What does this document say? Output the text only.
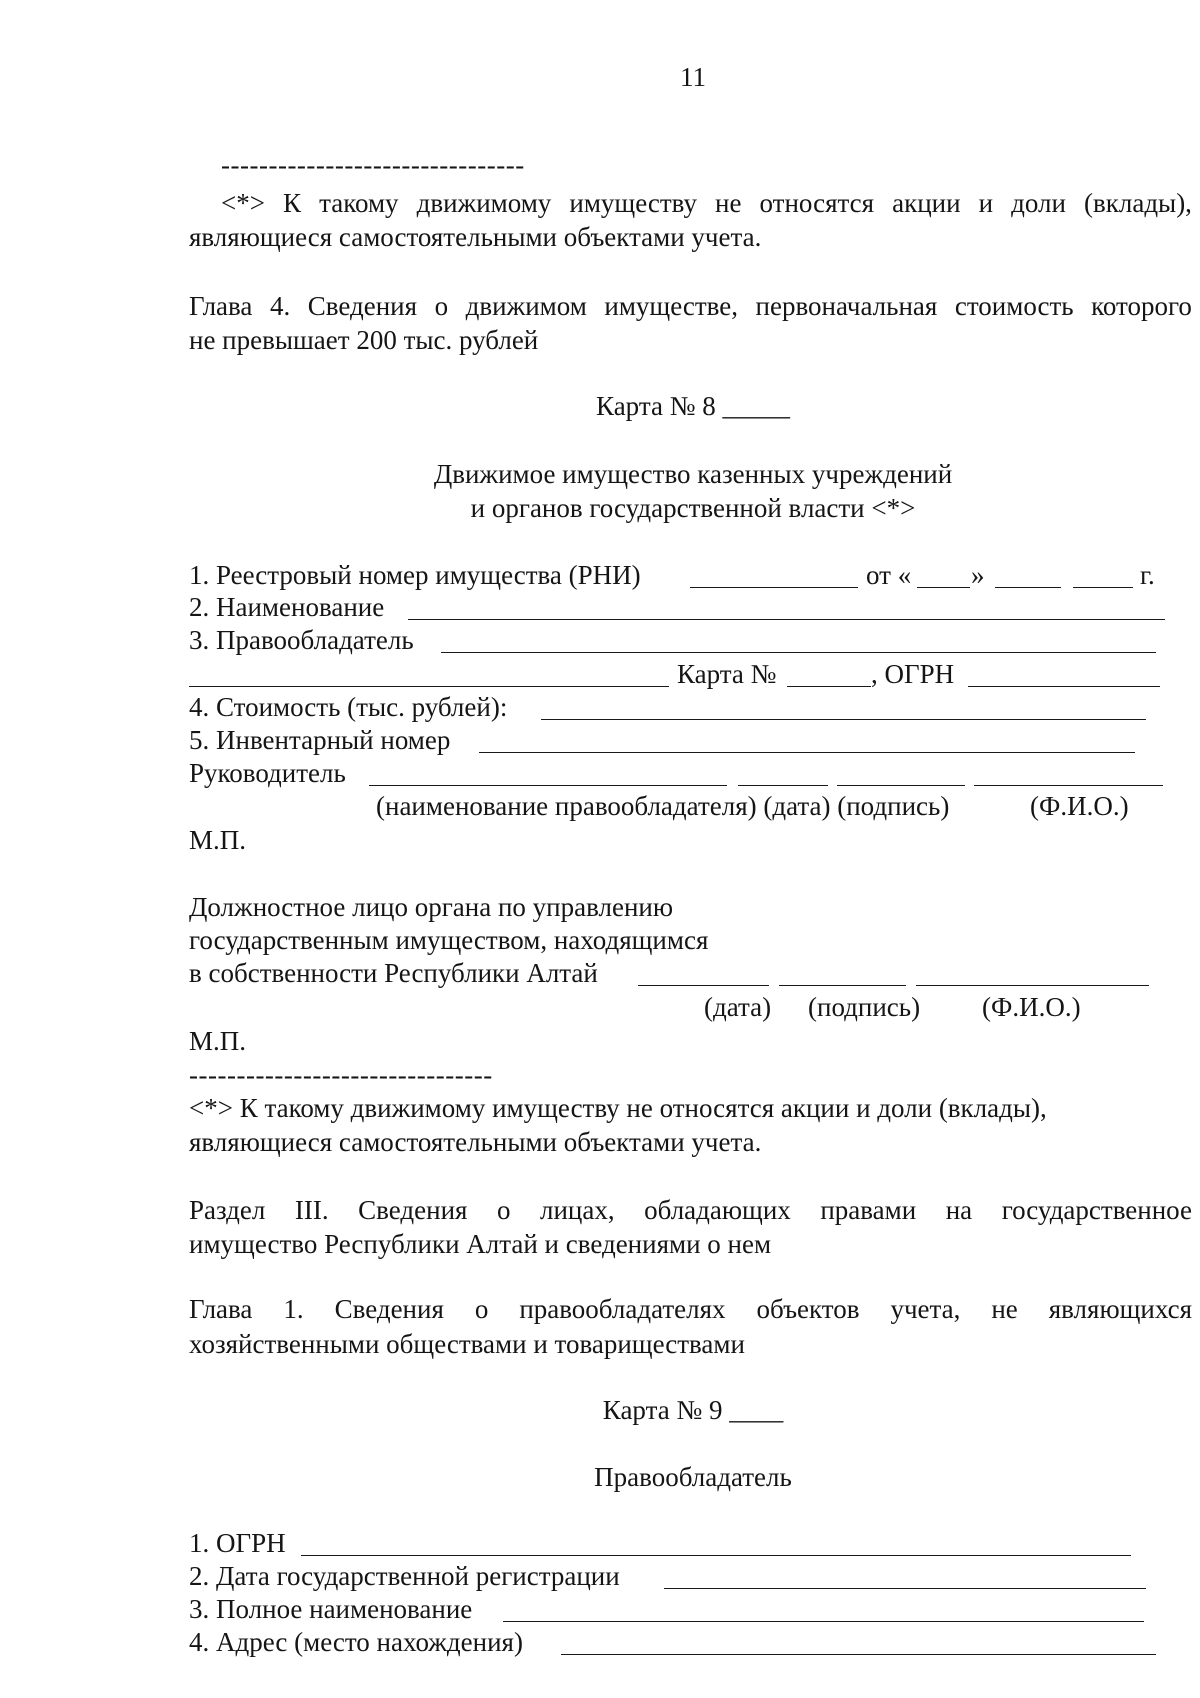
11
--------------------------------
<*> К такому движимому имуществу не относятся акции и доли (вклады),
являющиеся самостоятельными объектами учета.
Глава 4. Сведения о движимом имуществе, первоначальная стоимость которого
не превышает 200 тыс. рублей
Карта № 8 _____
Движимое имущество казенных учреждений
и органов государственной власти <*>
1. Реестровый номер имущества (РНИ)	от « »	г.
2. Наименование
3. Правообладатель
Карта №	, ОГРН
4. Стоимость (тыс. рублей):
5. Инвентарный номер
Руководитель
(наименование правообладателя) (дата) (подпись)	(Ф.И.О.)
М.П.
Должностное лицо органа по управлению
государственным имуществом, находящимся
в собственности Республики Алтай
(дата) (подпись) (Ф.И.О.)
М.П.
--------------------------------
<*> К такому движимому имуществу не относятся акции и доли (вклады),
являющиеся самостоятельными объектами учета.
Раздел III. Сведения о лицах, обладающих правами на государственное
имущество Республики Алтай и сведениями о нем
Глава 1. Сведения о правообладателях объектов учета, не являющихся
хозяйственными обществами и товариществами
Карта № 9 ____
Правообладатель
1. ОГРН
2. Дата государственной регистрации
3. Полное наименование
4. Адрес (место нахождения)
